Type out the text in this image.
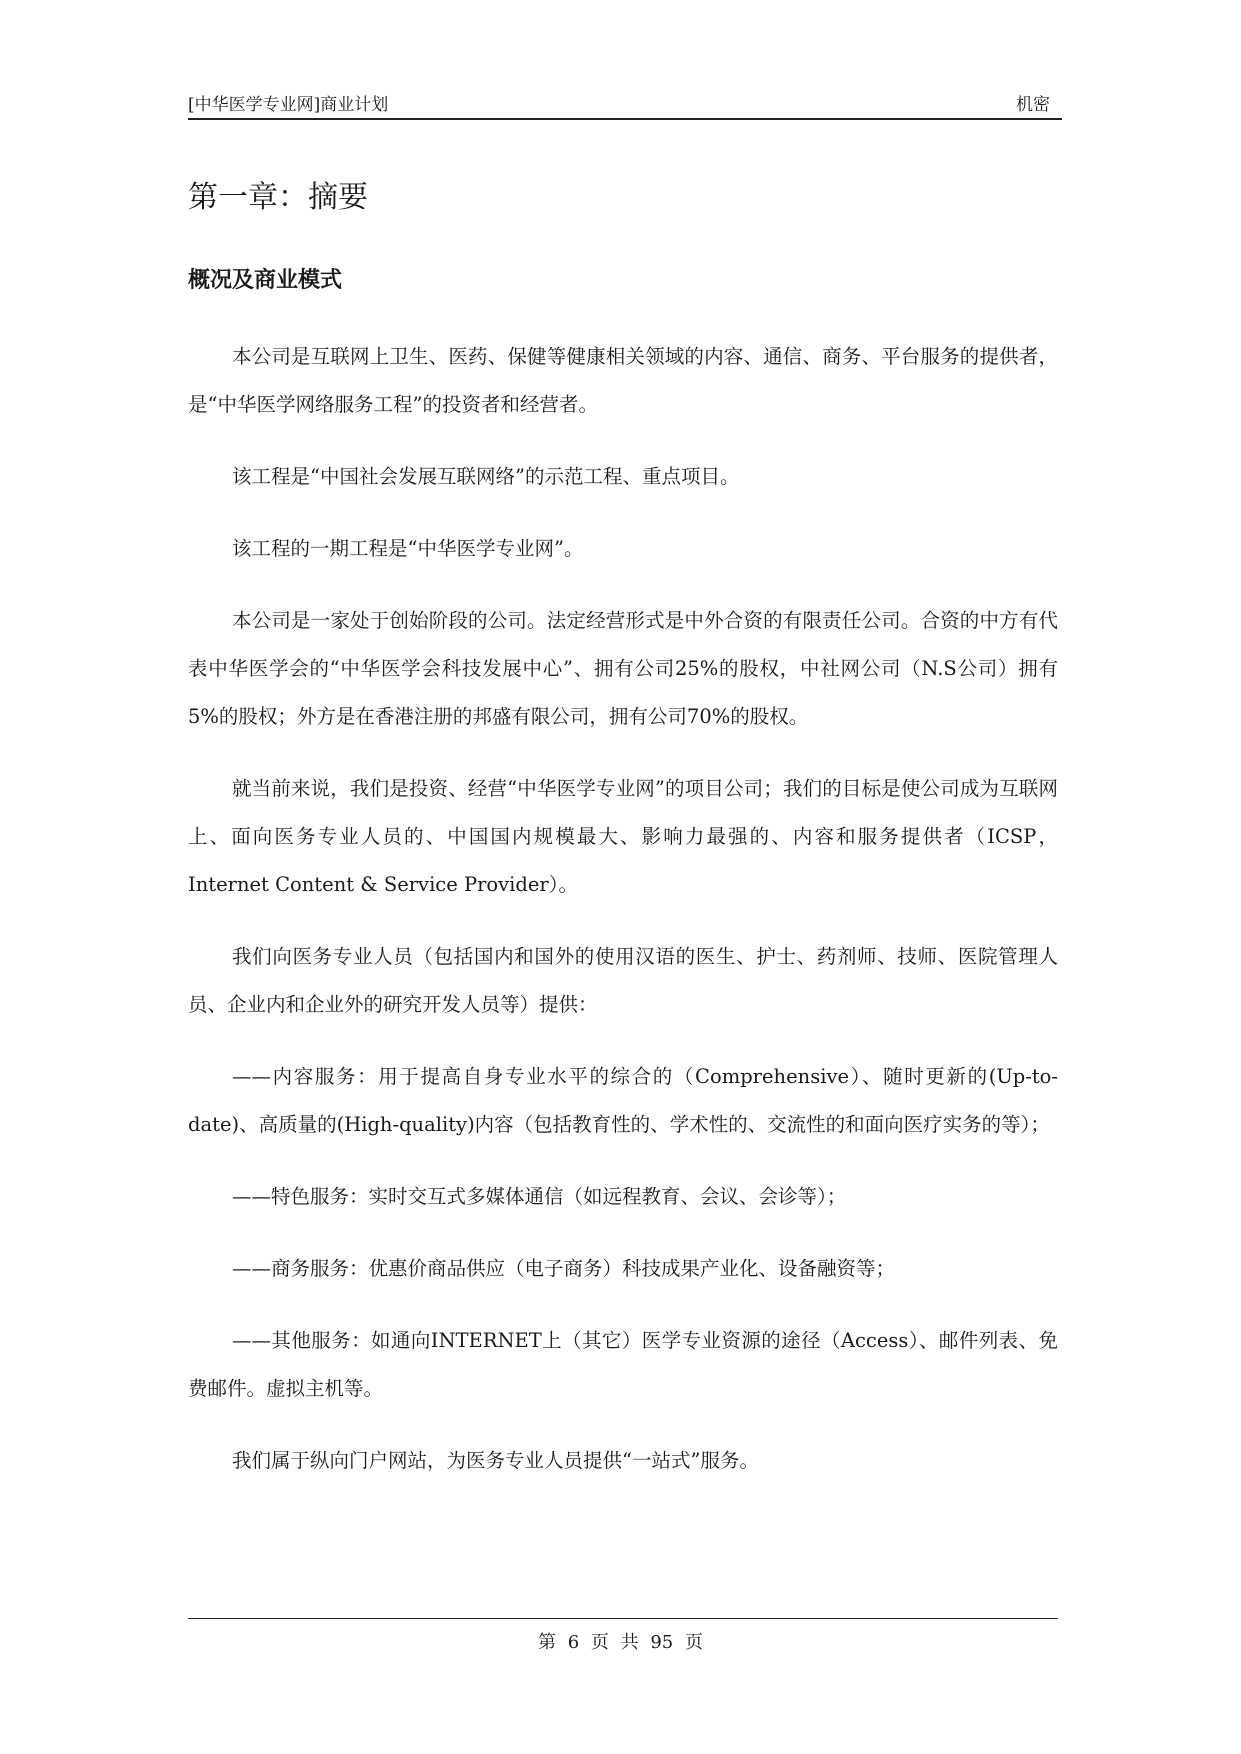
[中华医学专业网]商业计划	机密
第一章：摘要
概况及商业模式

本公司是互联网上卫生、医药、保健等健康相关领域的内容、通信、商务、平台服务的提供者，是“中华医学网络服务工程”的投资者和经营者。

该工程是“中国社会发展互联网络”的示范工程、重点项目。

该工程的一期工程是“中华医学专业网”。

本公司是一家处于创始阶段的公司。法定经营形式是中外合资的有限责任公司。合资的中方有代表中华医学会的“中华医学会科技发展中心”、拥有公司25%的股权，中社网公司（N.S公司）拥有5%的股权；外方是在香港注册的邦盛有限公司，拥有公司70%的股权。

就当前来说，我们是投资、经营“中华医学专业网”的项目公司；我们的目标是使公司成为互联网上、面向医务专业人员的、中国国内规模最大、影响力最强的、内容和服务提供者（ICSP，Internet Content & Service Provider）。

我们向医务专业人员（包括国内和国外的使用汉语的医生、护士、药剂师、技师、医院管理人员、企业内和企业外的研究开发人员等）提供：

——内容服务：用于提高自身专业水平的综合的（Comprehensive）、随时更新的(Up-to-date)、高质量的(High-quality)内容（包括教育性的、学术性的、交流性的和面向医疗实务的等）；

——特色服务：实时交互式多媒体通信（如远程教育、会议、会诊等）；

——商务服务：优惠价商品供应（电子商务）科技成果产业化、设备融资等；

——其他服务：如通向INTERNET上（其它）医学专业资源的途径（Access）、邮件列表、免费邮件。虚拟主机等。

我们属于纵向门户网站，为医务专业人员提供“一站式”服务。

第 6 页 共 95 页
